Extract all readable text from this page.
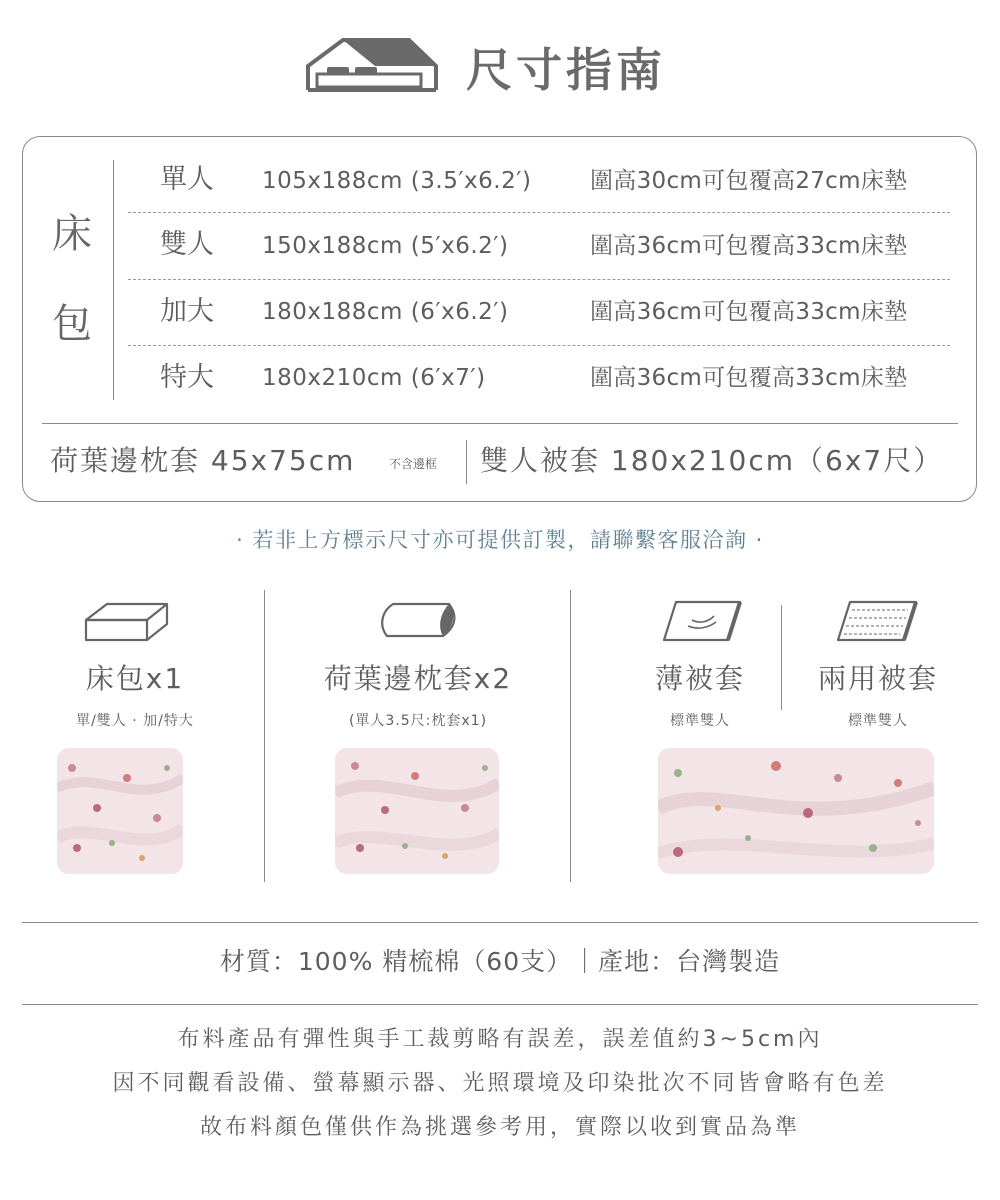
尺寸指南
床
包
單人 105x188cm (3.5′x6.2′)	圍高30cm可包覆高27cm床墊
雙人 150x188cm (5′x6.2′)	圍高36cm可包覆高33cm床墊
加大 180x188cm (6′x6.2′)	圍高36cm可包覆高33cm床墊
特大 180x210cm (6′x7′)	圍高36cm可包覆高33cm床墊
荷葉邊枕套 45x75cm	不含邊框 雙人被套 180x210cm（6x7尺）
· 若非上方標示尺寸亦可提供訂製，請聯繫客服洽詢 ·
床包x1
單/雙人 · 加/特大
荷葉邊枕套x2
(單人3.5尺:枕套x1)
薄被套
標準雙人
兩用被套
標準雙人
材質：100% 精梳棉（60支）｜產地：台灣製造
布料產品有彈性與手工裁剪略有誤差，誤差值約3~5cm內
因不同觀看設備、螢幕顯示器、光照環境及印染批次不同皆會略有色差
故布料顏色僅供作為挑選參考用，實際以收到實品為準
